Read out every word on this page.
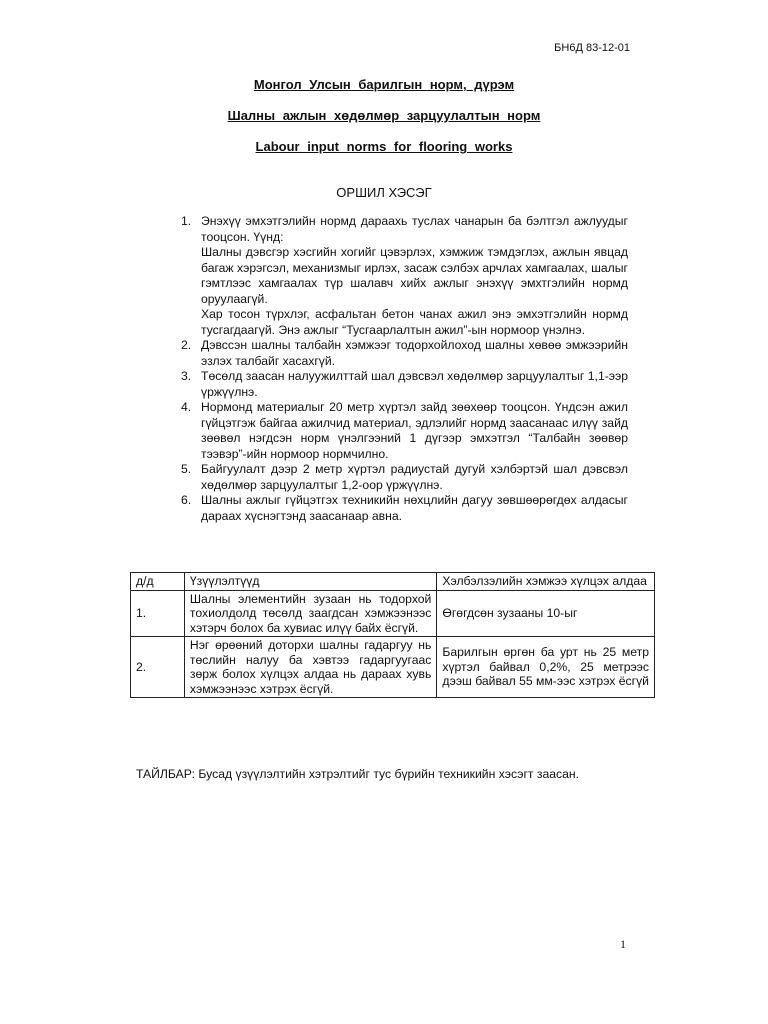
БН6Д 83-12-01
Монгол Улсын барилгын норм, дүрэм
Шалны ажлын хөдөлмөр зарцуулалтын норм
Labour input norms for flooring works
ОРШИЛ ХЭСЭГ
1. Энэхүү эмхэтгэлийн нормд дараахь туслах чанарын ба бэлтгэл ажлуудыг тооцсон. Үүнд:

Шалны дэвсгэр хэсгийн хогийг цэвэрлэх, хэмжиж тэмдэглэх, ажлын явцад багаж хэрэгсэл, механизмыг ирлэх, засаж сэлбэх арчлах хамгаалах, шалыг гэмтлээс хамгаалах түр шалавч хийх ажлыг энэхүү эмхтгэлийн нормд оруулаагүй.

Хар тосон түрхлэг, асфальтан бетон чанах ажил энэ эмхэтгэлийн нормд тусгагдаагүй. Энэ ажлыг “Тусгаарлалтын ажил”-ын нормоор үнэлнэ.

2. Дэвссэн шалны талбайн хэмжээг тодорхойлоход шалны хөвөө эмжээрийн эзлэх талбайг хасахгүй.

3. Төсөлд заасан налуужилттай шал дэвсвэл хөдөлмөр зарцуулалтыг 1,1-ээр үржүүлнэ.

4. Нормонд материалыг 20 метр хүртэл зайд зөөхөөр тооцсон. Үндсэн ажил гүйцэтгэж байгаа ажилчид материал, эдлэлийг нормд заасанаас илүү зайд зөөвөл нэгдсэн норм үнэлгээний 1 дүгээр эмхэтгэл “Талбайн зөөвөр тээвэр”-ийн нормоор нормчилно.

5. Байгуулалт дээр 2 метр хүртэл радиустай дугуй хэлбэртэй шал дэвсвэл хөдөлмөр зарцуулалтыг 1,2-оор үржүүлнэ.

6. Шалны ажлыг гүйцэтгэх техникийн нөхцлийн дагуу зөвшөөрөгдөх алдасыг дараах хүснэгтэнд заасанаар авна.

д/д	Үзүүлэлтүүд	Хэлбэлзэлийн хэмжээ хүлцэх алдаа
1.	Шалны элементийн зузаан нь тодорхой тохиолдолд төсөлд заагдсан хэмжээнээс хэтэрч болох ба хувиас илүү байх ёсгүй.	Өгөгдсөн зузааны 10-ыг
2.	Нэг өрөөний доторхи шалны гадаргуу нь төслийн налуу ба хэвтээ гадаргуугаас зөрж болох хүлцэх алдаа нь дараах хувь хэмжээнээс хэтрэх ёсгүй.	Барилгын өргөн ба урт нь 25 метр хүртэл байвал 0,2%, 25 метрээс дээш байвал 55 мм-ээс хэтрэх ёсгүй
ТАЙЛБАР: Бусад үзүүлэлтийн хэтрэлтийг тус бүрийн техникийн хэсэгт заасан.
1
